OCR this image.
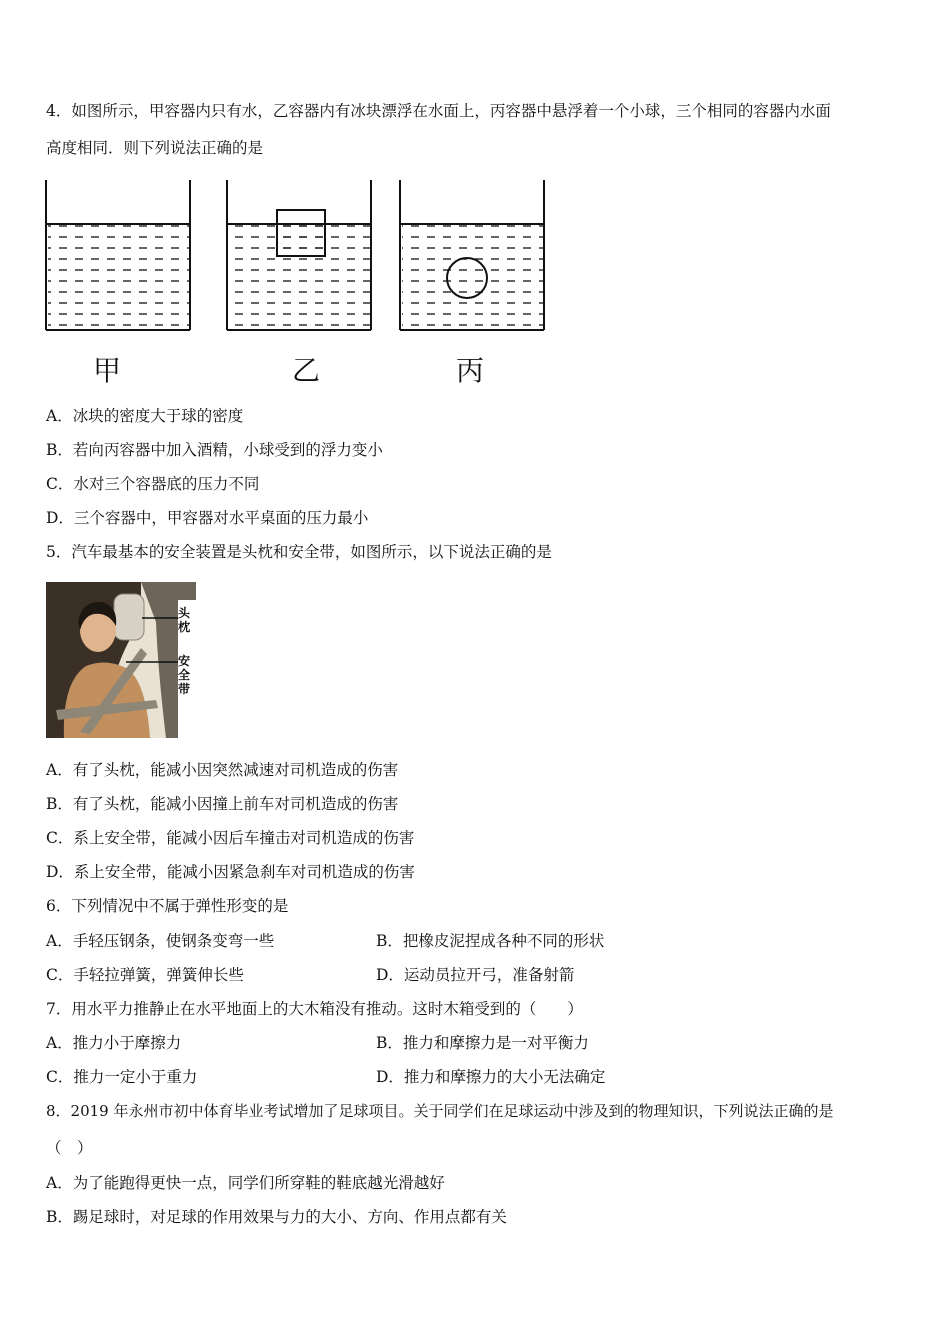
4．如图所示，甲容器内只有水，乙容器内有冰块漂浮在水面上，丙容器中悬浮着一个小球，三个相同的容器内水面
高度相同．则下列说法正确的是
甲	乙	丙
A．冰块的密度大于球的密度
B．若向丙容器中加入酒精，小球受到的浮力变小
C．水对三个容器底的压力不同
D．三个容器中，甲容器对水平桌面的压力最小
5．汽车最基本的安全装置是头枕和安全带，如图所示，以下说法正确的是
头枕
安全带
A．有了头枕，能减小因突然减速对司机造成的伤害
B．有了头枕，能减小因撞上前车对司机造成的伤害
C．系上安全带，能减小因后车撞击对司机造成的伤害
D．系上安全带，能减小因紧急刹车对司机造成的伤害
6．下列情况中不属于弹性形变的是
A．手轻压钢条，使钢条变弯一些	B．把橡皮泥捏成各种不同的形状
C．手轻拉弹簧，弹簧伸长些	D．运动员拉开弓，准备射箭
7．用水平力推静止在水平地面上的大木箱没有推动。这时木箱受到的（　　）
A．推力小于摩擦力	B．推力和摩擦力是一对平衡力
C．推力一定小于重力	D．推力和摩擦力的大小无法确定
8．2019 年永州市初中体育毕业考试增加了足球项目。关于同学们在足球运动中涉及到的物理知识，下列说法正确的是
（　）
A．为了能跑得更快一点，同学们所穿鞋的鞋底越光滑越好
B．踢足球时，对足球的作用效果与力的大小、方向、作用点都有关
